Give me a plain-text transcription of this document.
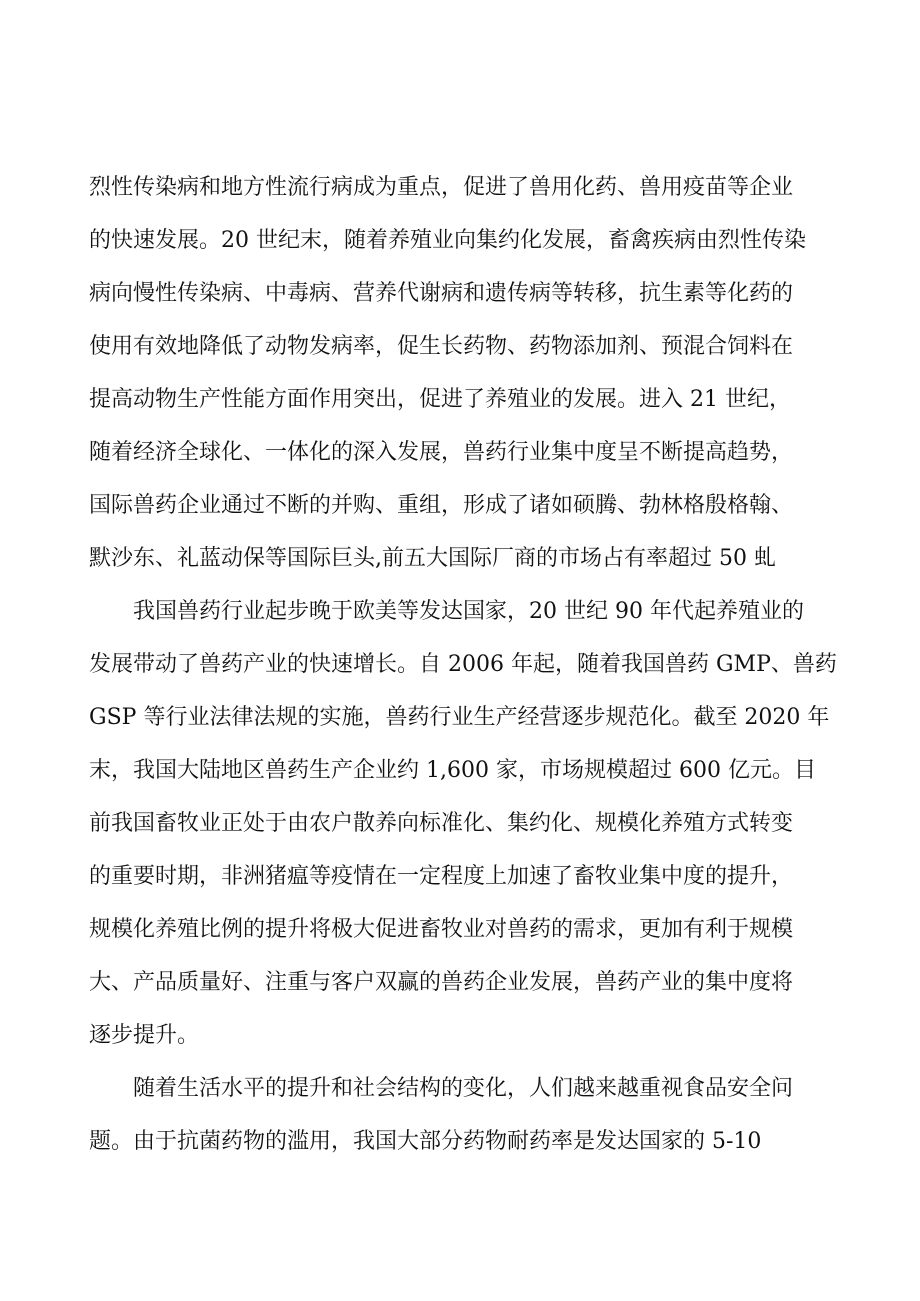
烈性传染病和地方性流行病成为重点，促进了兽用化药、兽用疫苗等企业
的快速发展。20 世纪末，随着养殖业向集约化发展，畜禽疾病由烈性传染
病向慢性传染病、中毒病、营养代谢病和遗传病等转移，抗生素等化药的
使用有效地降低了动物发病率，促生长药物、药物添加剂、预混合饲料在
提高动物生产性能方面作用突出，促进了养殖业的发展。进入 21 世纪，
随着经济全球化、一体化的深入发展，兽药行业集中度呈不断提高趋势，
国际兽药企业通过不断的并购、重组，形成了诸如硕腾、勃林格殷格翰、
默沙东、礼蓝动保等国际巨头,前五大国际厂商的市场占有率超过 50 虬
我国兽药行业起步晚于欧美等发达国家，20 世纪 90 年代起养殖业的
发展带动了兽药产业的快速增长。自 2006 年起，随着我国兽药 GMP、兽药
GSP 等行业法律法规的实施，兽药行业生产经营逐步规范化。截至 2020 年
末，我国大陆地区兽药生产企业约 1,600 家，市场规模超过 600 亿元。目
前我国畜牧业正处于由农户散养向标准化、集约化、规模化养殖方式转变
的重要时期，非洲猪瘟等疫情在一定程度上加速了畜牧业集中度的提升，
规模化养殖比例的提升将极大促进畜牧业对兽药的需求，更加有利于规模
大、产品质量好、注重与客户双赢的兽药企业发展，兽药产业的集中度将
逐步提升。
随着生活水平的提升和社会结构的变化，人们越来越重视食品安全问
题。由于抗菌药物的滥用，我国大部分药物耐药率是发达国家的 5-10
